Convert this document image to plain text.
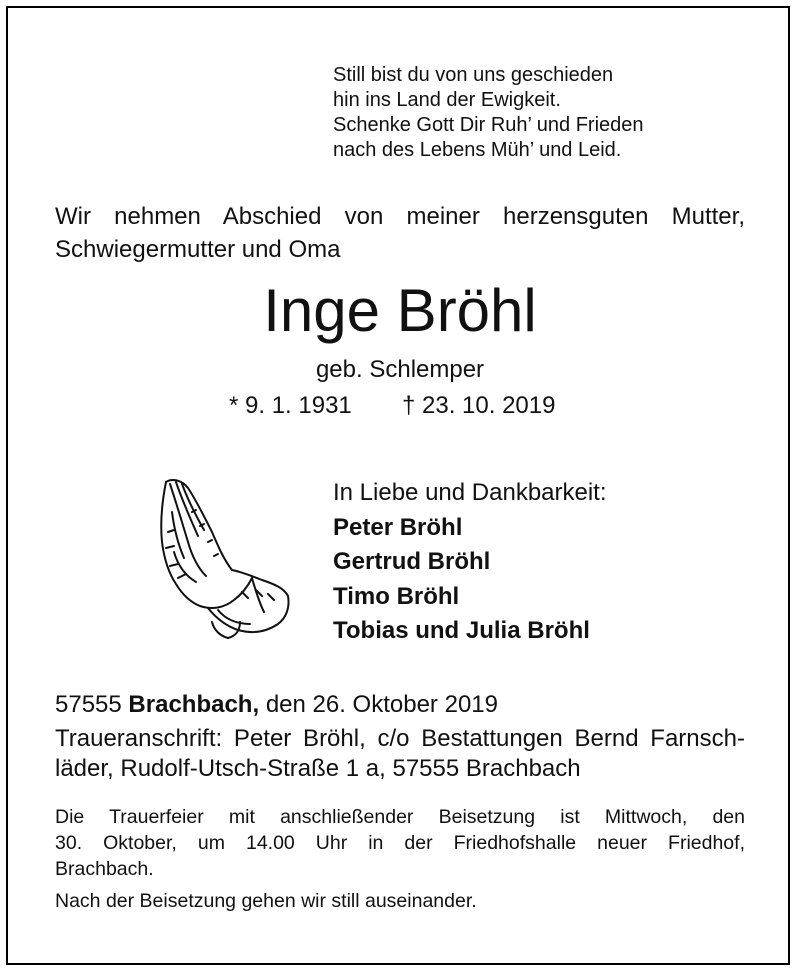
Still bist du von uns geschieden
hin ins Land der Ewigkeit.
Schenke Gott Dir Ruh’ und Frieden
nach des Lebens Müh’ und Leid.
Wir nehmen Abschied von meiner herzensguten Mutter,
Schwiegermutter und Oma
Inge Bröhl
geb. Schlemper
* 9. 1. 1931 † 23. 10. 2019
In Liebe und Dankbarkeit:
Peter Bröhl
Gertrud Bröhl
Timo Bröhl
Tobias und Julia Bröhl
57555 Brachbach, den 26. Oktober 2019
Traueranschrift: Peter Bröhl, c/o Bestattungen Bernd Farnsch-
läder, Rudolf-Utsch-Straße 1 a, 57555 Brachbach
Die Trauerfeier mit anschließender Beisetzung ist Mittwoch, den
30. Oktober, um 14.00 Uhr in der Friedhofshalle neuer Friedhof,
Brachbach.
Nach der Beisetzung gehen wir still auseinander.
